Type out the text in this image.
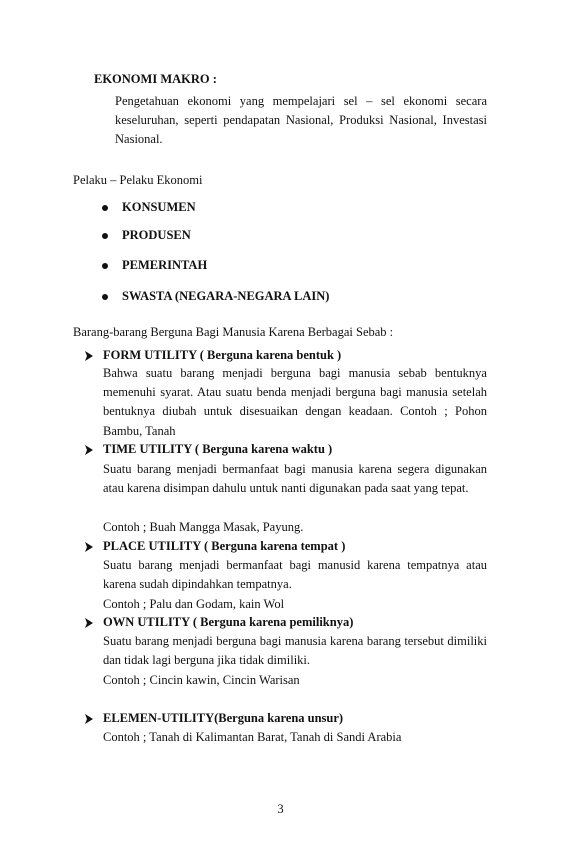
EKONOMI MAKRO :
Pengetahuan ekonomi yang mempelajari sel – sel ekonomi secara keseluruhan, seperti pendapatan Nasional, Produksi Nasional, Investasi Nasional.
Pelaku – Pelaku Ekonomi
KONSUMEN
PRODUSEN
PEMERINTAH
SWASTA (NEGARA-NEGARA LAIN)
Barang-barang Berguna Bagi Manusia Karena Berbagai Sebab :
FORM UTILITY ( Berguna karena bentuk )
Bahwa suatu barang menjadi berguna bagi manusia sebab bentuknya memenuhi syarat. Atau suatu benda menjadi berguna bagi manusia setelah bentuknya diubah untuk disesuaikan dengan keadaan. Contoh ; Pohon Bambu, Tanah
TIME UTILITY ( Berguna karena waktu )
Suatu barang menjadi bermanfaat bagi manusia karena segera digunakan atau karena disimpan dahulu untuk nanti digunakan pada saat yang tepat.
Contoh ; Buah Mangga Masak, Payung.
PLACE UTILITY ( Berguna karena tempat )
Suatu barang menjadi bermanfaat bagi manusid karena tempatnya atau karena sudah dipindahkan tempatnya.
Contoh ; Palu dan Godam, kain Wol
OWN UTILITY ( Berguna karena pemiliknya)
Suatu barang menjadi berguna bagi manusia karena barang tersebut dimiliki dan tidak lagi berguna jika tidak dimiliki.
Contoh ; Cincin kawin, Cincin Warisan
ELEMEN-UTILITY(Berguna karena unsur)
Contoh ; Tanah di Kalimantan Barat, Tanah di Sandi Arabia
3
